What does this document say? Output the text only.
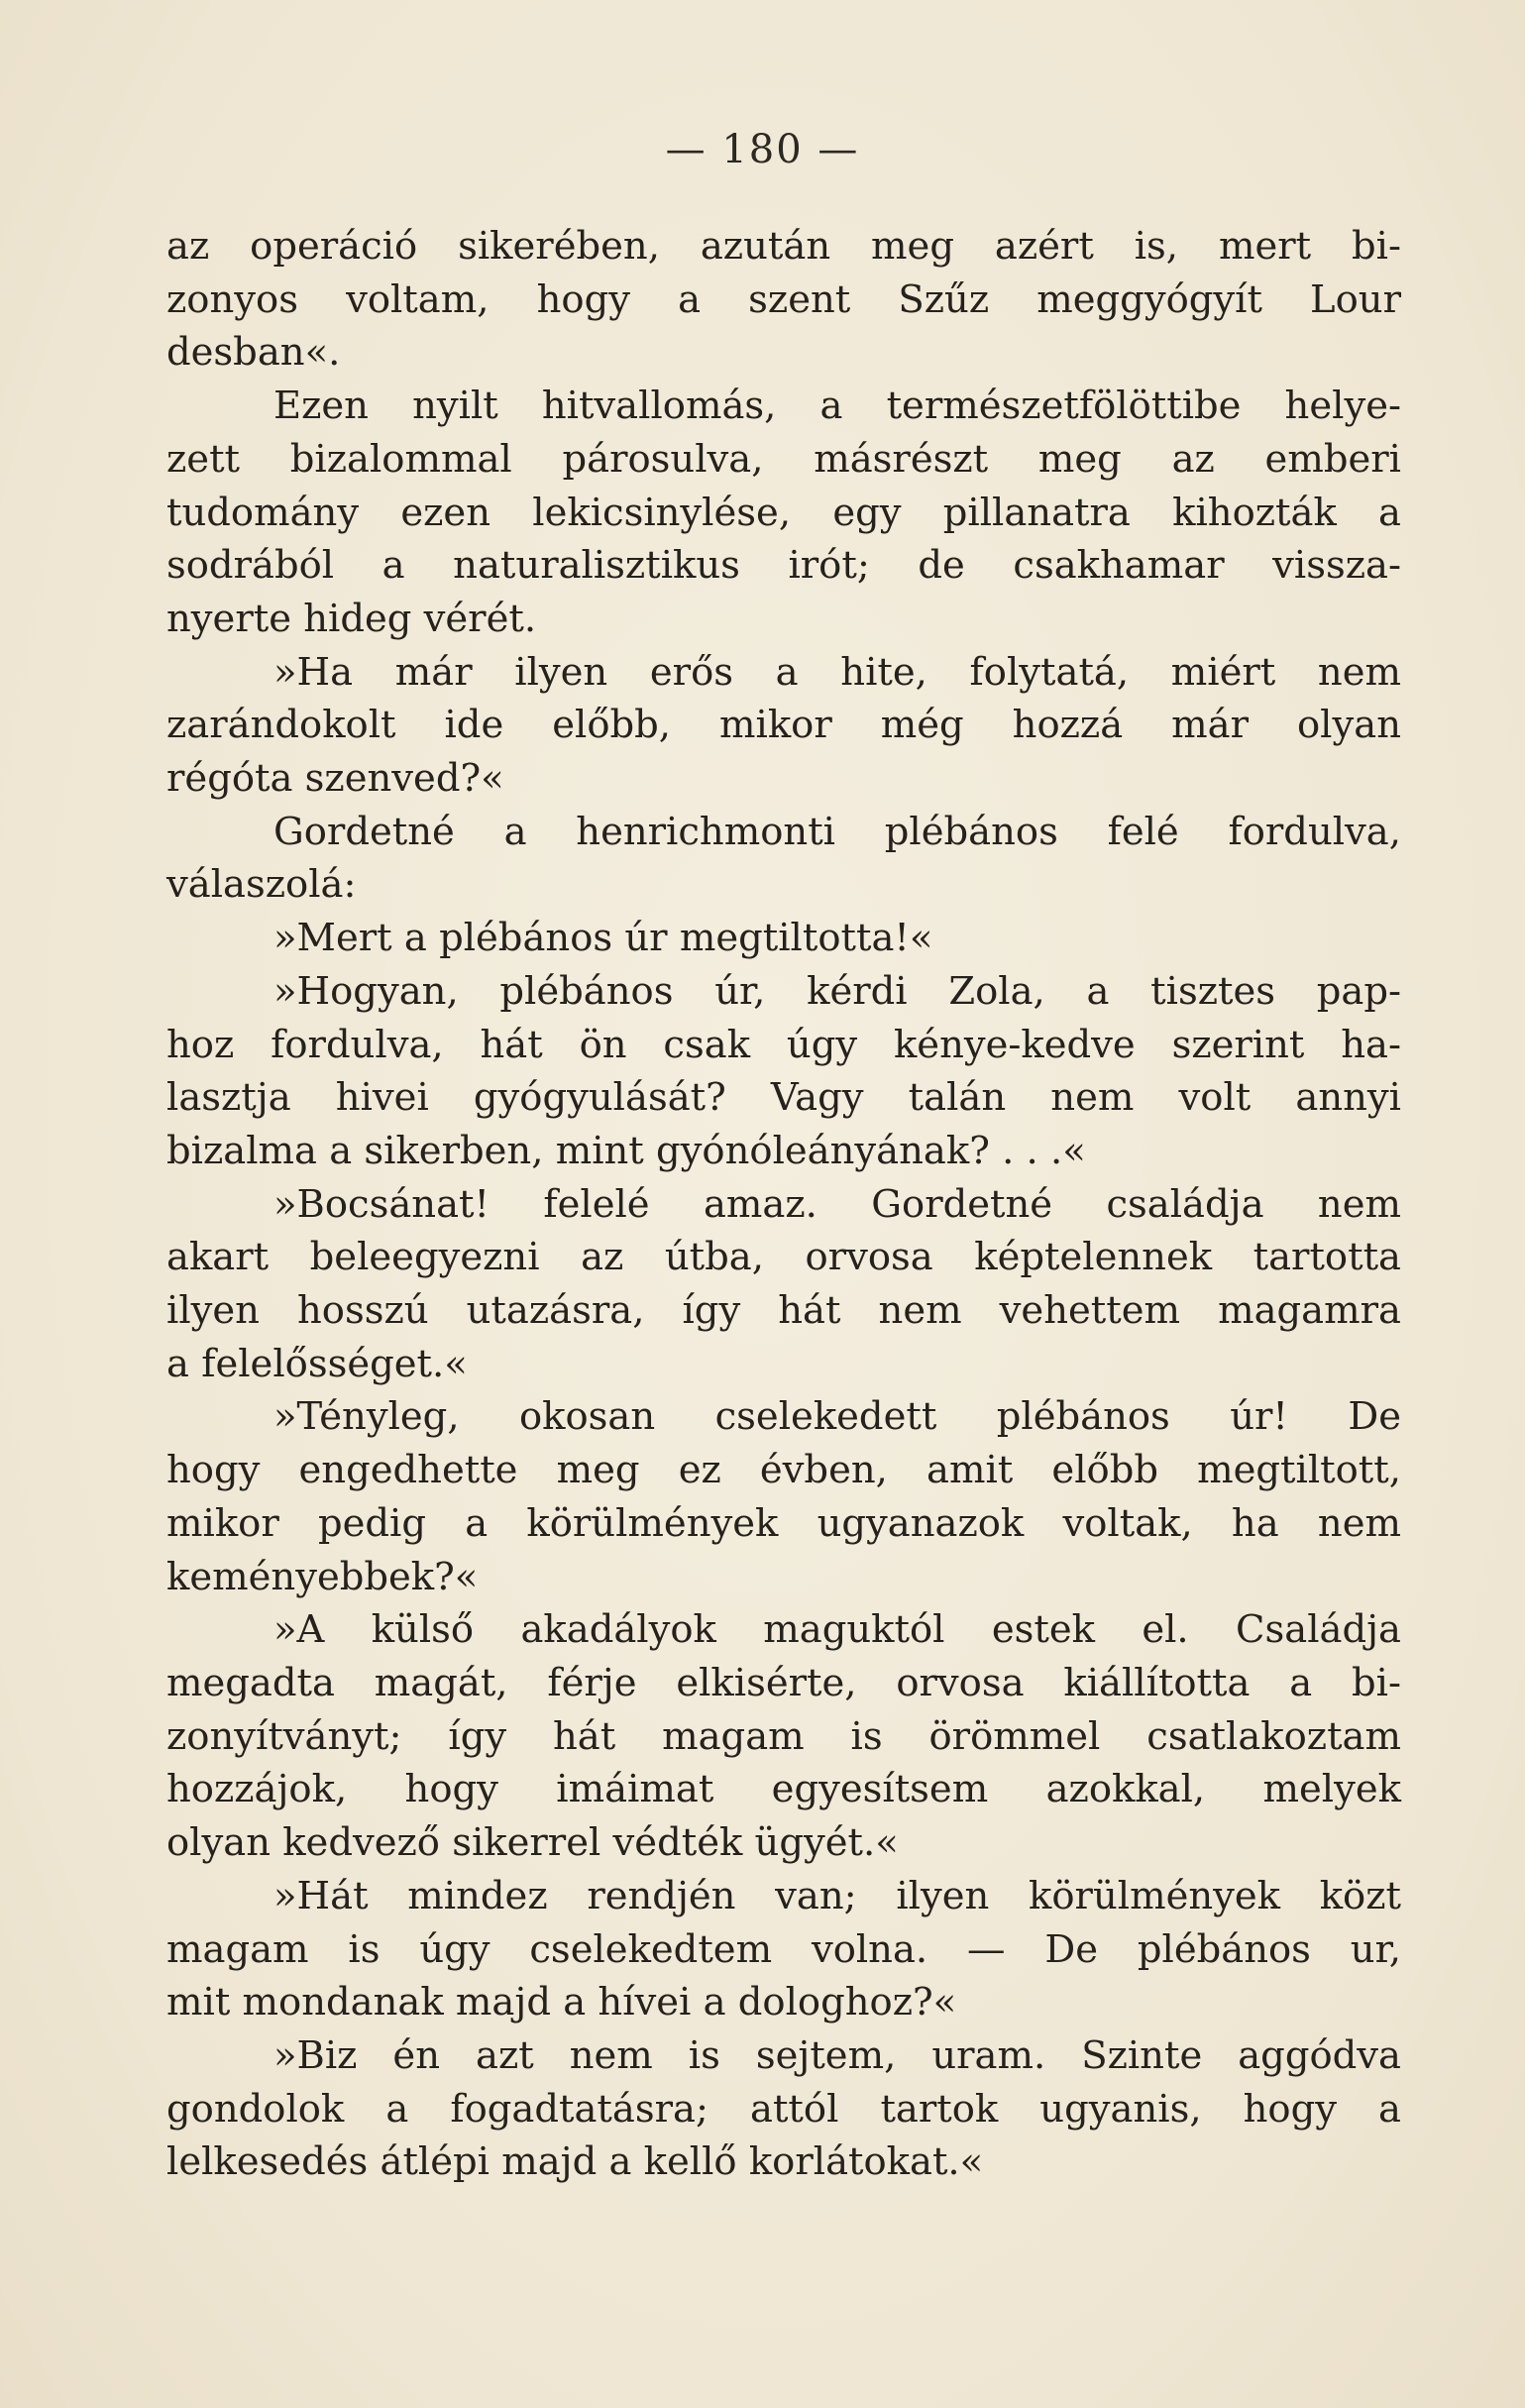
— 180 —
az operáció sikerében, azután meg azért is, mert bi-
zonyos voltam, hogy a szent Szűz meggyógyít Lour
desban«.
Ezen nyilt hitvallomás, a természetfölöttibe helye-
zett bizalommal párosulva, másrészt meg az emberi
tudomány ezen lekicsinylése, egy pillanatra kihozták a
sodrából a naturalisztikus irót; de csakhamar vissza-
nyerte hideg vérét.
»Ha már ilyen erős a hite, folytatá, miért nem
zarándokolt ide előbb, mikor még hozzá már olyan
régóta szenved?«
Gordetné a henrichmonti plébános felé fordulva,
válaszolá:
»Mert a plébános úr megtiltotta!«
»Hogyan, plébános úr, kérdi Zola, a tisztes pap-
hoz fordulva, hát ön csak úgy kénye-kedve szerint ha-
lasztja hivei gyógyulását? Vagy talán nem volt annyi
bizalma a sikerben, mint gyónóleányának? . . .«
»Bocsánat! felelé amaz. Gordetné családja nem
akart beleegyezni az útba, orvosa képtelennek tartotta
ilyen hosszú utazásra, így hát nem vehettem magamra
a felelősséget.«
»Tényleg, okosan cselekedett plébános úr! De
hogy engedhette meg ez évben, amit előbb megtiltott,
mikor pedig a körülmények ugyanazok voltak, ha nem
keményebbek?«
»A külső akadályok maguktól estek el. Családja
megadta magát, férje elkisérte, orvosa kiállította a bi-
zonyítványt; így hát magam is örömmel csatlakoztam
hozzájok, hogy imáimat egyesítsem azokkal, melyek
olyan kedvező sikerrel védték ügyét.«
»Hát mindez rendjén van; ilyen körülmények közt
magam is úgy cselekedtem volna. — De plébános ur,
mit mondanak majd a hívei a dologhoz?«
»Biz én azt nem is sejtem, uram. Szinte aggódva
gondolok a fogadtatásra; attól tartok ugyanis, hogy a
lelkesedés átlépi majd a kellő korlátokat.«
